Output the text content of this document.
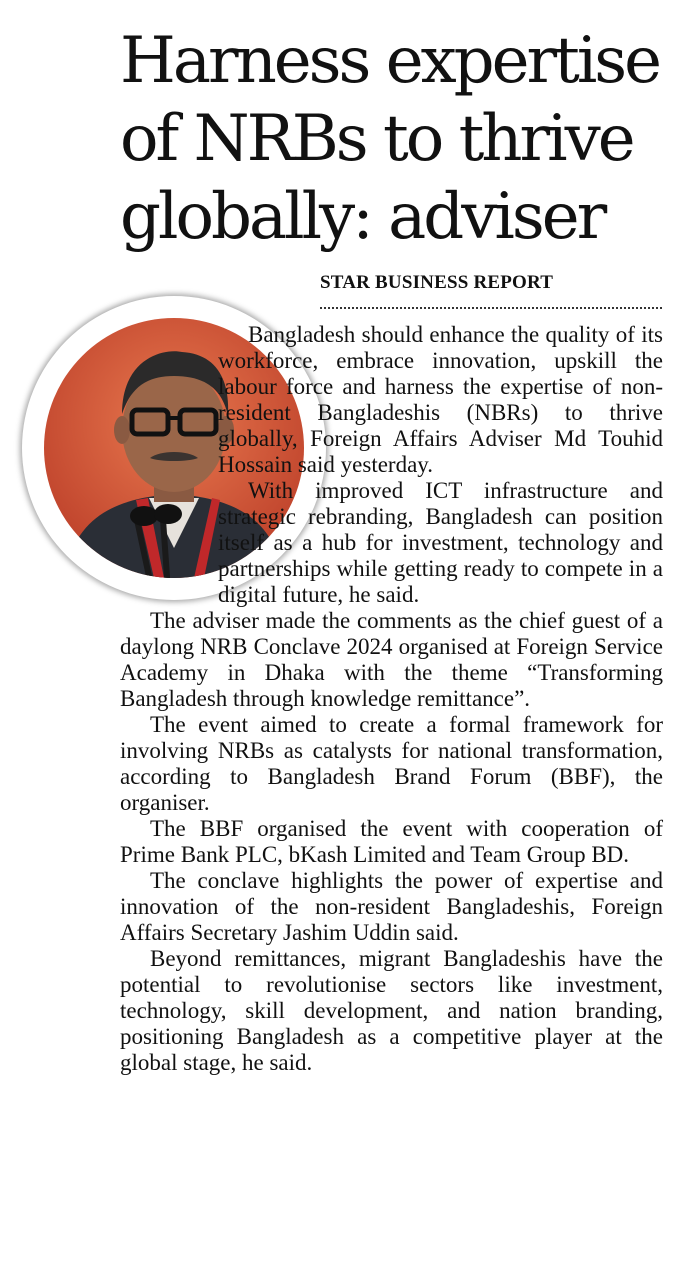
Harness expertise
of NRBs to thrive
globally: adviser
STAR BUSINESS REPORT

Bangladesh should enhance the quality of its workforce, embrace innovation, upskill the labour force and harness the expertise of non-resident Bangladeshis (NBRs) to thrive globally, Foreign Affairs Adviser Md Touhid Hossain said yesterday.

With improved ICT infrastructure and strategic rebranding, Bangladesh can position itself as a hub for investment, technology and partnerships while getting ready to compete in a digital future, he said.

The adviser made the comments as the chief guest of a daylong NRB Conclave 2024 organised at Foreign Service Academy in Dhaka with the theme “Transforming Bangladesh through knowledge remittance”.

The event aimed to create a formal framework for involving NRBs as catalysts for national transformation, according to Bangladesh Brand Forum (BBF), the organiser.

The BBF organised the event with cooperation of Prime Bank PLC, bKash Limited and Team Group BD.

The conclave highlights the power of expertise and innovation of the non-resident Bangladeshis, Foreign Affairs Secretary Jashim Uddin said.

Beyond remittances, migrant Bangladeshis have the potential to revolutionise sectors like investment, technology, skill development, and nation branding, positioning Bangladesh as a competitive player at the global stage, he said.
